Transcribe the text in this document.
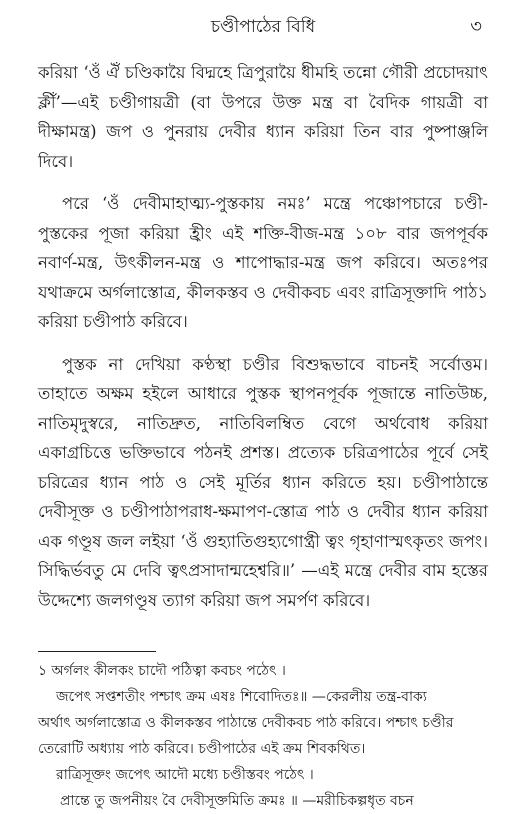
চণ্ডীপাঠের বিধি	৩

করিয়া ‘ওঁ ঐঁ চণ্ডিকায়ৈ বিদ্মহে ত্রিপুরায়ৈ ধীমহি তন্নো গৌরী প্রচোদয়াৎ ক্লীঁ’—এই চণ্ডীগায়ত্রী (বা উপরে উক্ত মন্ত্র বা বৈদিক গায়ত্রী বা দীক্ষামন্ত্র) জপ ও পুনরায় দেবীর ধ্যান করিয়া তিন বার পুষ্পাঞ্জলি দিবে।

পরে ‘ওঁ দেবীমাহাত্ম্য-পুস্তকায় নমঃ’ মন্ত্রে পঞ্চোপচারে চণ্ডী-পুস্তকের পূজা করিয়া হ্রীং এই শক্তি-বীজ-মন্ত্র ১০৮ বার জপপূর্বক নবার্ণ-মন্ত্র, উৎকীলন-মন্ত্র ও শাপোদ্ধার-মন্ত্র জপ করিবে। অতঃপর যথাক্রমে অর্গলাস্তোত্র, কীলকস্তব ও দেবীকবচ এবং রাত্রিসূক্তাদি পাঠ১ করিয়া চণ্ডীপাঠ করিবে।

পুস্তক না দেখিয়া কণ্ঠস্থা চণ্ডীর বিশুদ্ধভাবে বাচনই সর্বোত্তম। তাহাতে অক্ষম হইলে আধারে পুস্তক স্থাপনপূর্বক পূজান্তে নাতিউচ্চ, নাতিমৃদুস্বরে, নাতিদ্রুত, নাতিবিলম্বিত বেগে অর্থবোধ করিয়া একাগ্রচিত্তে ভক্তিভাবে পঠনই প্রশস্ত। প্রত্যেক চরিত্রপাঠের পূর্বে সেই চরিত্রের ধ্যান পাঠ ও সেই মূর্তির ধ্যান করিতে হয়। চণ্ডীপাঠান্তে দেবীসূক্ত ও চণ্ডীপাঠাপরাধ-ক্ষমাপণ-স্তোত্র পাঠ ও দেবীর ধ্যান করিয়া এক গণ্ডূষ জল লইয়া ‘ওঁ গুহ্যাতিগুহ্যগোপ্ত্রী ত্বং গৃহাণাস্মৎকৃতং জপং। সিদ্ধির্ভবতু মে দেবি ত্বৎপ্রসাদান্মহেশ্বরি॥’ —এই মন্ত্রে দেবীর বাম হস্তের উদ্দেশ্যে জলগণ্ডূষ ত্যাগ করিয়া জপ সমর্পণ করিবে।

১ অর্গলং কীলকং চাদৌ পঠিত্বা কবচং পঠেৎ ।

জপেৎ সপ্তশতীং পশ্চাৎ ক্রম এষঃ শিবোদিতঃ॥ —কেরলীয় তন্ত্র-বাক্য

অর্থাৎ অর্গলাস্তোত্র ও কীলকস্তব পাঠান্তে দেবীকবচ পাঠ করিবে। পশ্চাৎ চণ্ডীর তেরোটি অধ্যায় পাঠ করিবে। চণ্ডীপাঠের এই ক্রম শিবকথিত।

রাত্রিসূক্তং জপেৎ আদৌ মধ্যে চণ্ডীস্তবং পঠেৎ ।

প্রান্তে তু জপনীয়ং বৈ দেবীসূক্তমিতি ক্রমঃ ॥ —মরীচিকল্পধৃত বচন
